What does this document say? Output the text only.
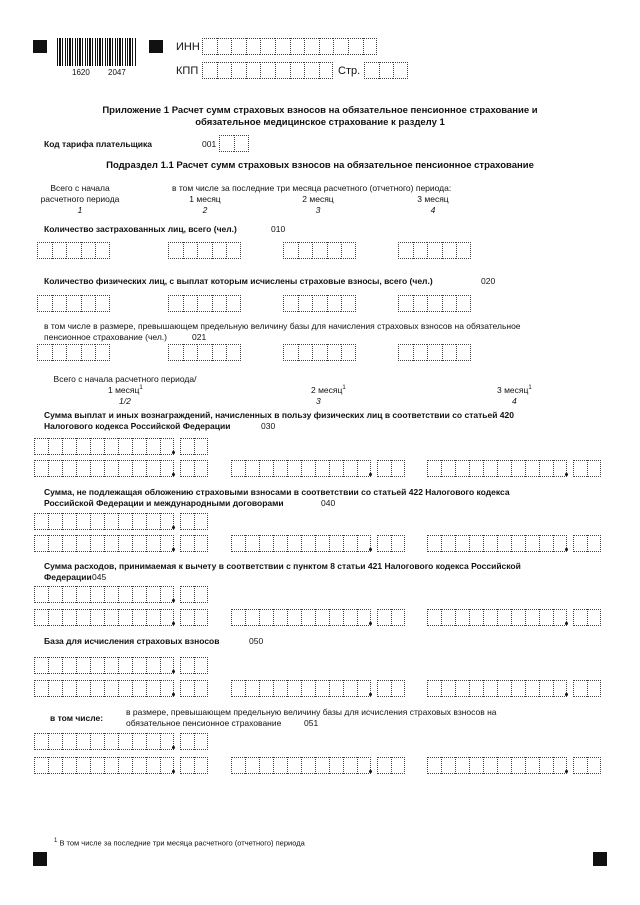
1620 2047
ИНН
КПП	Стр.
Приложение 1 Расчет сумм страховых взносов на обязательное пенсионное страхование и
обязательное медицинское страхование к разделу 1
Код тарифа плательщика	001
Подраздел 1.1 Расчет сумм страховых взносов на обязательное пенсионное страхование
Всего с начала
расчетного периода
в том числе за последние три месяца расчетного (отчетного) периода:
1 месяц	2 месяц	3 месяц
1	2	3	4
Количество застрахованных лиц, всего (чел.)	010
Количество физических лиц, с выплат которым исчислены страховые взносы, всего (чел.)	020
в том числе в размере, превышающем предельную величину базы для начисления страховых взносов на обязательное
пенсионное страхование (чел.)	021
Всего с начала расчетного периода/
1 месяц$^1$	2 месяц$^1$	3 месяц$^1$
1/2	3	4
Сумма выплат и иных вознаграждений, начисленных в пользу физических лиц в соответствии со статьей 420
Налогового кодекса Российской Федерации	030
Сумма, не подлежащая обложению страховыми взносами в соответствии со статьей 422 Налогового кодекса
Российской Федерации и международными договорами	040
Сумма расходов, принимаемая к вычету в соответствии с пунктом 8 статьи 421 Налогового кодекса Российской
Федерации 045
База для исчисления страховых взносов	050
в том числе:
в размере, превышающем предельную величину базы для исчисления страховых взносов на
обязательное пенсионное страхование	051
$^1$ В том числе за последние три месяца расчетного (отчетного) периода
